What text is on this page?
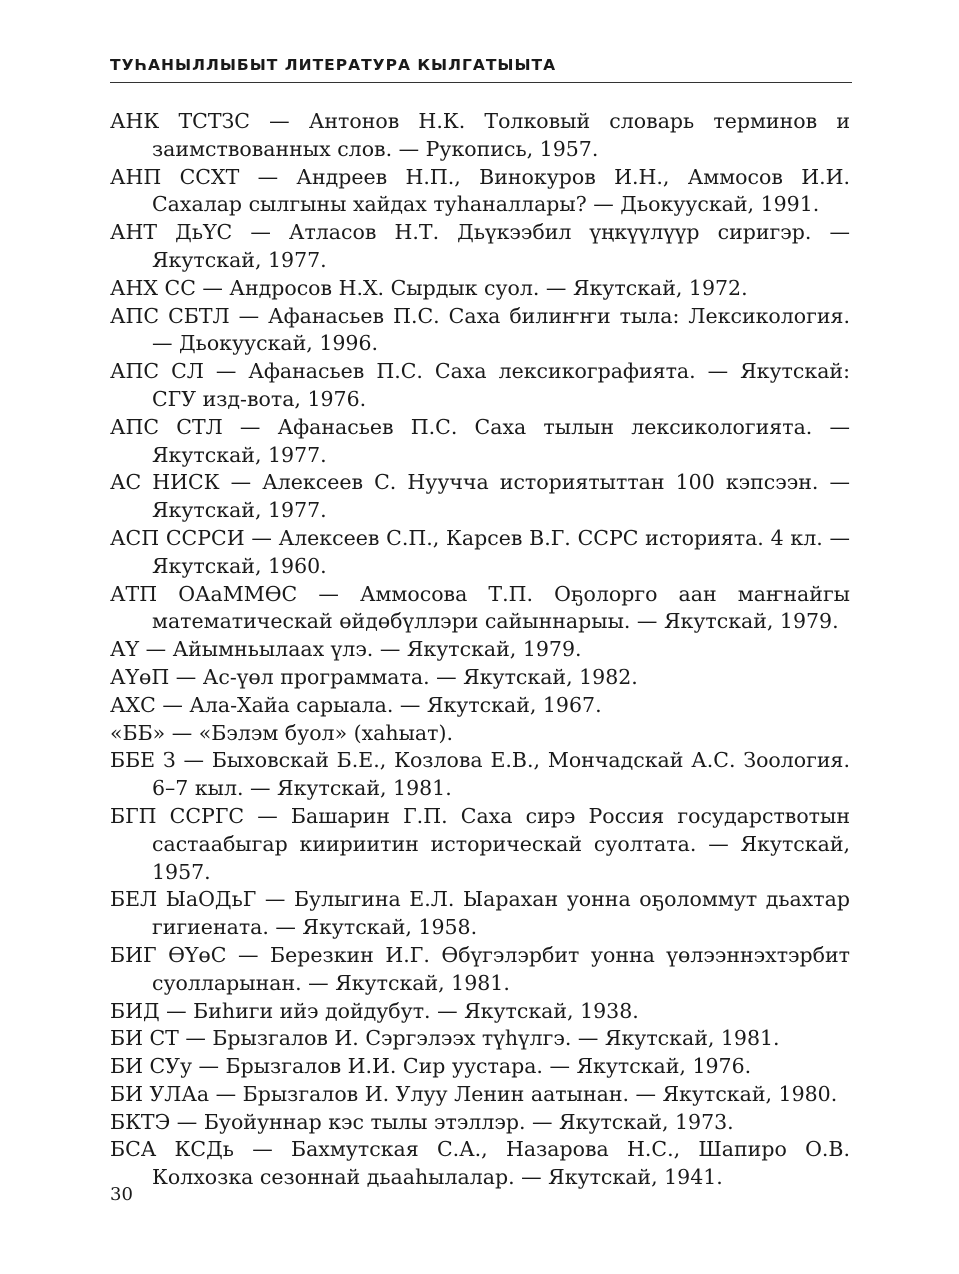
ТУҺАНЫЛЛЫБЫТ ЛИТЕРАТУРА КЫЛГАТЫЫТА
АНК ТСТЗС — Антонов Н.К. Толковый словарь терминов и заимствованных слов. — Рукопись, 1957.
АНП ССХТ — Андреев Н.П., Винокуров И.Н., Аммосов И.И. Сахалар сылгыны хайдах туһаналлары? — Дьокуускай, 1991.
АНТ ДьҮС — Атласов Н.Т. Дьүкээбил үңкүүлүүр сиригэр. — Якутскай, 1977.
АНХ СС — Андросов Н.Х. Сырдык суол. — Якутскай, 1972.
АПС СБТЛ — Афанасьев П.С. Саха билиҥҥи тыла: Лексикология. — Дьокуускай, 1996.
АПС СЛ — Афанасьев П.С. Саха лексикографията. — Якутскай: СГУ изд-вота, 1976.
АПС СТЛ — Афанасьев П.С. Саха тылын лексикологията. — Якутскай, 1977.
АС НИСК — Алексеев С. Нуучча историятыттан 100 кэпсээн. — Якутскай, 1977.
АСП ССРСИ — Алексеев С.П., Карсев В.Г. ССРС историята. 4 кл. — Якутскай, 1960.
АТП ОАаММӨС — Аммосова Т.П. Оҕолорго аан маҥнайгы математическай өйдөбүллэри сайыннарыы. — Якутскай, 1979.
АҮ — Айымньылаах үлэ. — Якутскай, 1979.
АҮөП — Ас-үөл программата. — Якутскай, 1982.
АХС — Ала-Хайа сарыала. — Якутскай, 1967.
«ББ» — «Бэлэм буол» (хаһыат).
ББЕ З — Быховскай Б.Е., Козлова Е.В., Мончадскай А.С. Зоология. 6–7 кыл. — Якутскай, 1981.
БГП ССРГС — Башарин Г.П. Саха сирэ Россия государствотын састаабыгар киириитин историческай суолтата. — Якутскай, 1957.
БЕЛ ЫаОДьГ — Булыгина Е.Л. Ыарахан уонна оҕоломмут дьахтар гигиената. — Якутскай, 1958.
БИГ ӨҮөС — Березкин И.Г. Өбүгэлэрбит уонна үөлээннэхтэрбит суолларынан. — Якутскай, 1981.
БИД — Биһиги ийэ дойдубут. — Якутскай, 1938.
БИ СТ — Брызгалов И. Сэргэлээх түһүлгэ. — Якутскай, 1981.
БИ СУу — Брызгалов И.И. Сир уустара. — Якутскай, 1976.
БИ УЛАа — Брызгалов И. Улуу Ленин аатынан. — Якутскай, 1980.
БКТЭ — Буойуннар кэс тылы этэллэр. — Якутскай, 1973.
БСА КСДь — Бахмутская С.А., Назарова Н.С., Шапиро О.В. Колхозка сезоннай дьааһылалар. — Якутскай, 1941.
30
